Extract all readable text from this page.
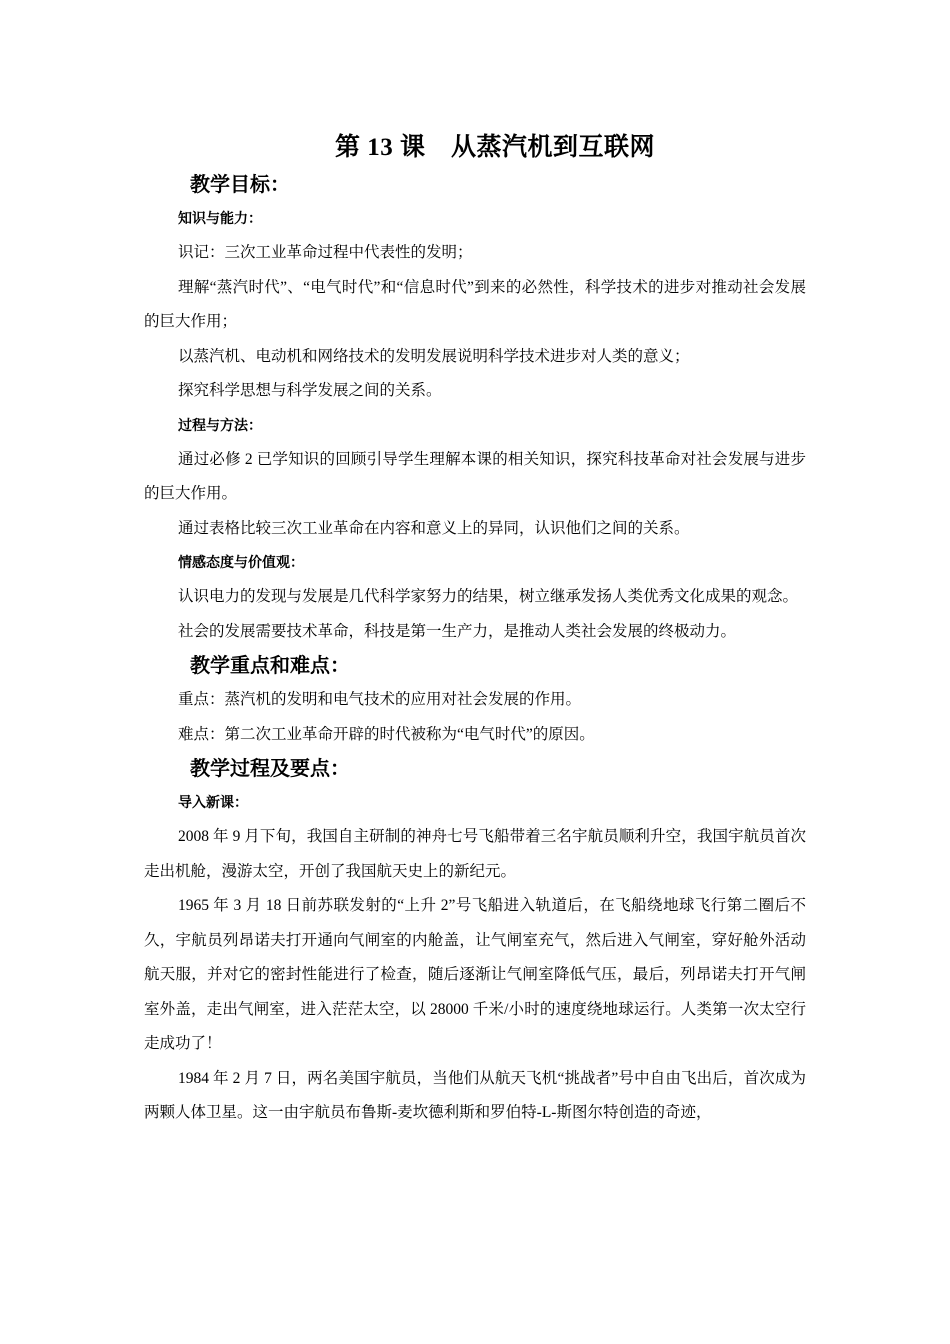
第 13 课　从蒸汽机到互联网
教学目标：
知识与能力：

识记：三次工业革命过程中代表性的发明；

理解“蒸汽时代”、“电气时代”和“信息时代”到来的必然性，科学技术的进步对推动社会发展的巨大作用；

以蒸汽机、电动机和网络技术的发明发展说明科学技术进步对人类的意义；

探究科学思想与科学发展之间的关系。

过程与方法：

通过必修 2 已学知识的回顾引导学生理解本课的相关知识，探究科技革命对社会发展与进步的巨大作用。

通过表格比较三次工业革命在内容和意义上的异同，认识他们之间的关系。

情感态度与价值观：

认识电力的发现与发展是几代科学家努力的结果，树立继承发扬人类优秀文化成果的观念。

社会的发展需要技术革命，科技是第一生产力，是推动人类社会发展的终极动力。

教学重点和难点：

重点：蒸汽机的发明和电气技术的应用对社会发展的作用。

难点：第二次工业革命开辟的时代被称为“电气时代”的原因。

教学过程及要点：
导入新课：

2008 年 9 月下旬，我国自主研制的神舟七号飞船带着三名宇航员顺利升空，我国宇航员首次走出机舱，漫游太空，开创了我国航天史上的新纪元。

1965 年 3 月 18 日前苏联发射的“上升 2”号飞船进入轨道后，在飞船绕地球飞行第二圈后不久，宇航员列昂诺夫打开通向气闸室的内舱盖，让气闸室充气，然后进入气闸室，穿好舱外活动航天服，并对它的密封性能进行了检查，随后逐渐让气闸室降低气压，最后，列昂诺夫打开气闸室外盖，走出气闸室，进入茫茫太空，以 28000 千米/小时的速度绕地球运行。人类第一次太空行走成功了！

1984 年 2 月 7 日，两名美国宇航员，当他们从航天飞机“挑战者”号中自由飞出后，首次成为两颗人体卫星。这一由宇航员布鲁斯-麦坎德利斯和罗伯特-L-斯图尔特创造的奇迹，
